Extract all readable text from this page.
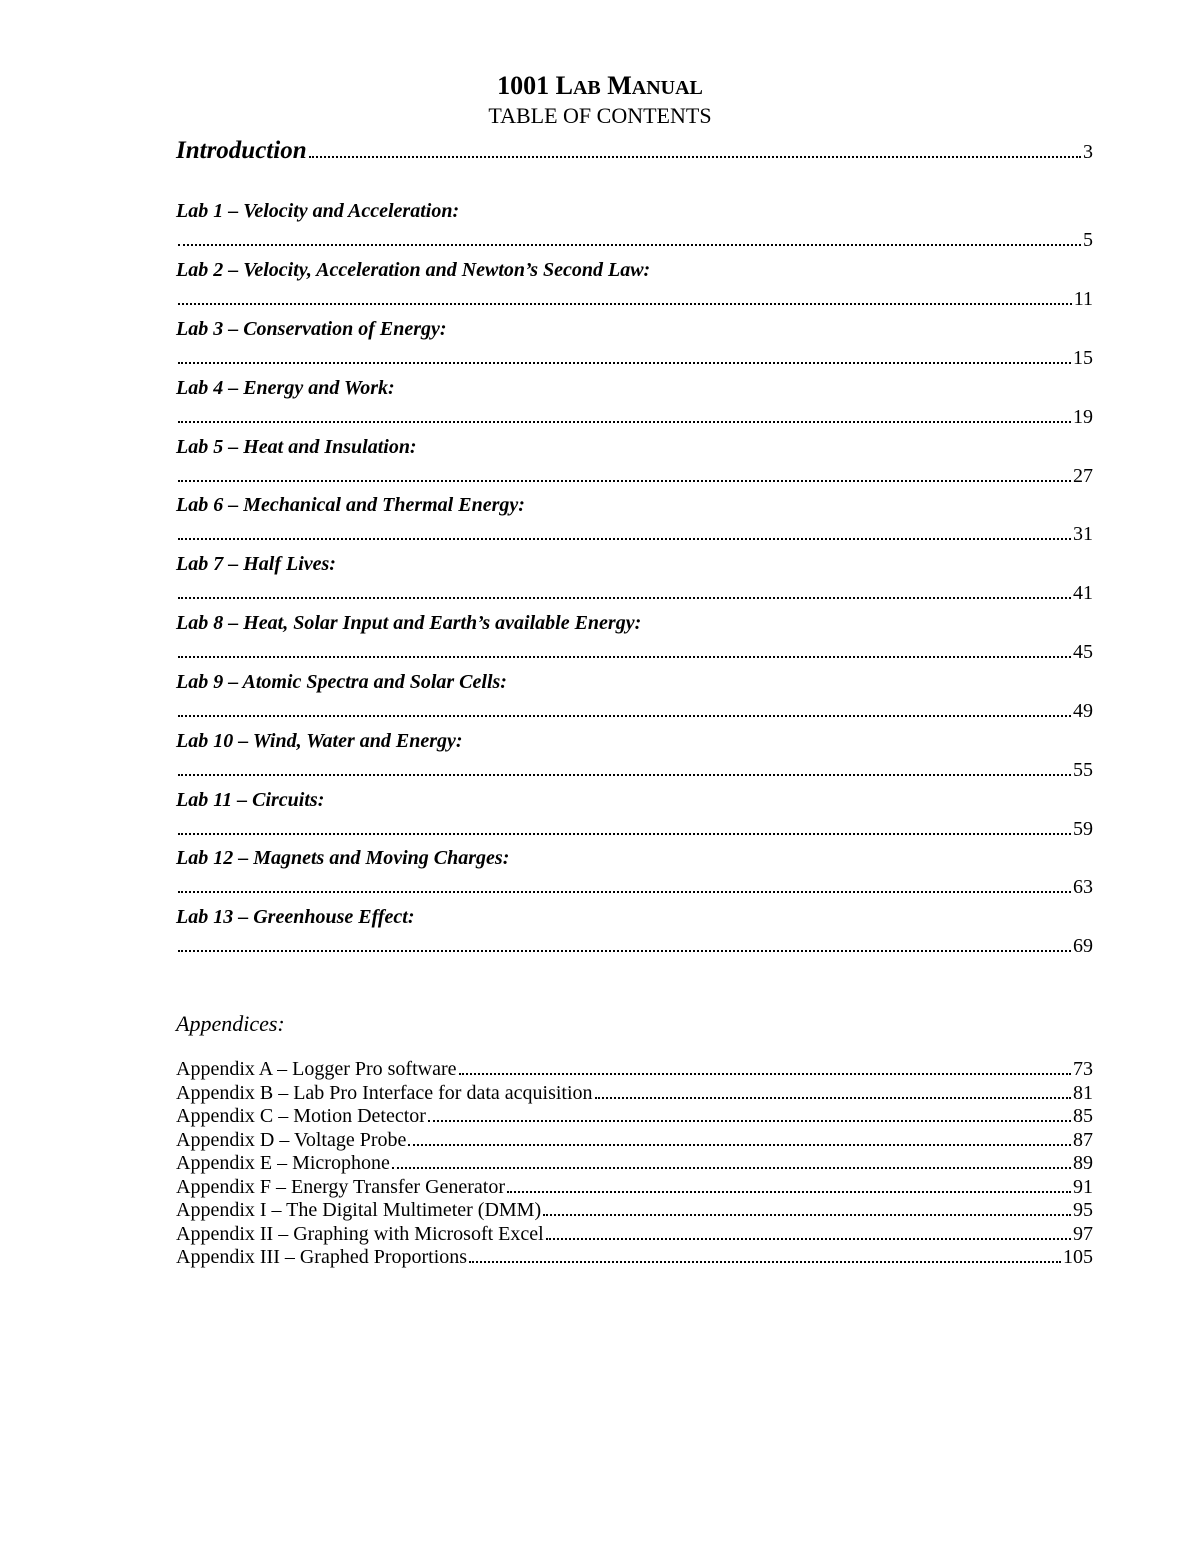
1001 LAB MANUAL
TABLE OF CONTENTS
Introduction	3
Lab 1 – Velocity and Acceleration:
5
Lab 2 – Velocity, Acceleration and Newton’s Second Law:
11
Lab 3 – Conservation of Energy:
15
Lab 4 – Energy and Work:
19
Lab 5 – Heat and Insulation:
27
Lab 6 – Mechanical and Thermal Energy:
31
Lab 7 – Half Lives:
41
Lab 8 – Heat, Solar Input and Earth’s available Energy:
45
Lab 9 – Atomic Spectra and Solar Cells:
49
Lab 10 – Wind, Water and Energy:
55
Lab 11 – Circuits:
59
Lab 12 – Magnets and Moving Charges:
63
Lab 13 – Greenhouse Effect:
69
Appendices:
Appendix A – Logger Pro software	73
Appendix B – Lab Pro Interface for data acquisition	81
Appendix C – Motion Detector	85
Appendix D – Voltage Probe	87
Appendix E – Microphone	89
Appendix F – Energy Transfer Generator	91
Appendix I – The Digital Multimeter (DMM)	95
Appendix II – Graphing with Microsoft Excel	97
Appendix III – Graphed Proportions	105
